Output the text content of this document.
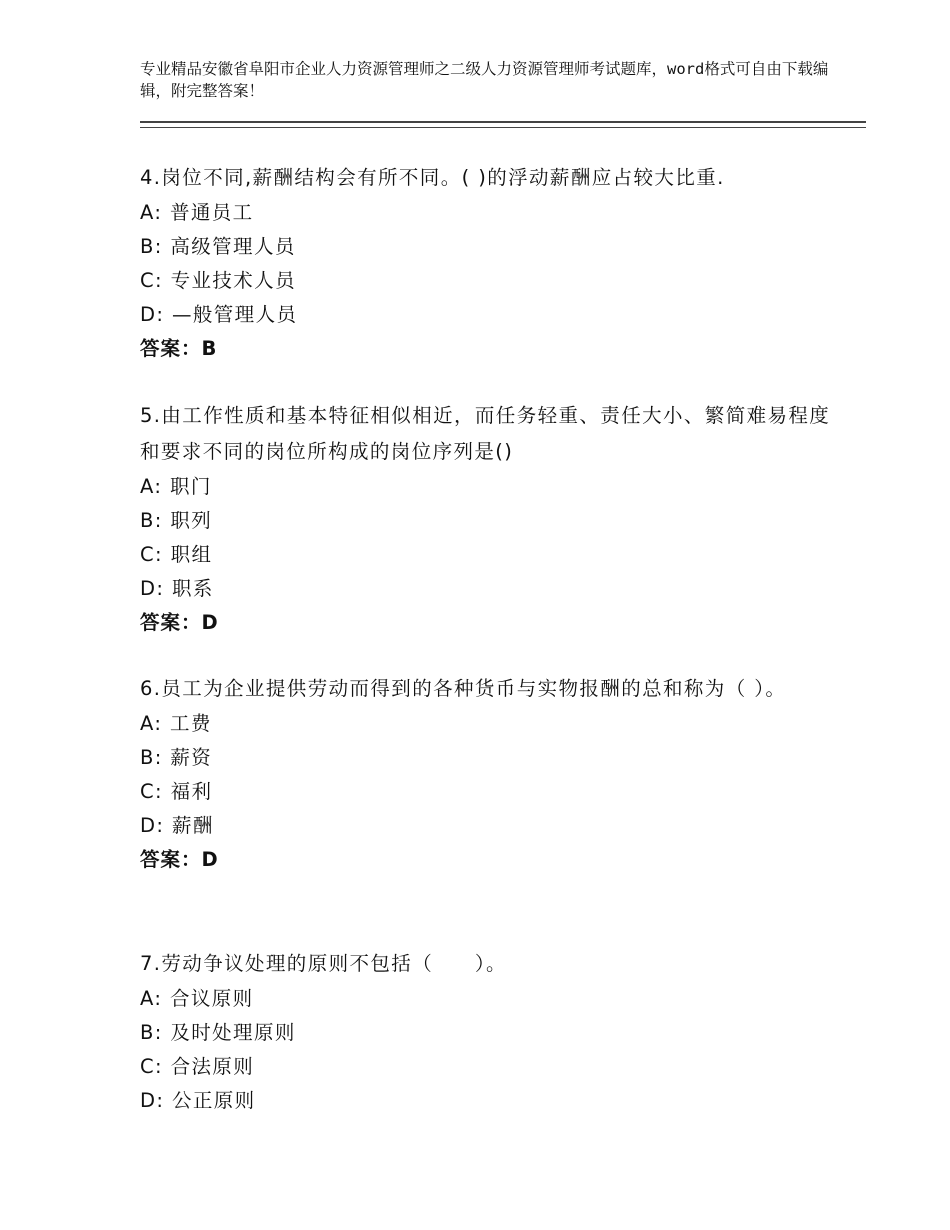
专业精品安徽省阜阳市企业人力资源管理师之二级人力资源管理师考试题库，word格式可自由下载编辑，附完整答案！

4.岗位不同,薪酬结构会有所不同。( )的浮动薪酬应占较大比重.

A: 普通员工

B: 高级管理人员

C: 专业技术人员

D: —般管理人员

答案：B

5.由工作性质和基本特征相似相近，而任务轻重、责任大小、繁简难易程度和要求不同的岗位所构成的岗位序列是()

A: 职门

B: 职列

C: 职组

D: 职系

答案：D

6.员工为企业提供劳动而得到的各种货币与实物报酬的总和称为（ ）。

A: 工费

B: 薪资

C: 福利

D: 薪酬

答案：D

7.劳动争议处理的原则不包括（　　）。

A: 合议原则

B: 及时处理原则

C: 合法原则

D: 公正原则
